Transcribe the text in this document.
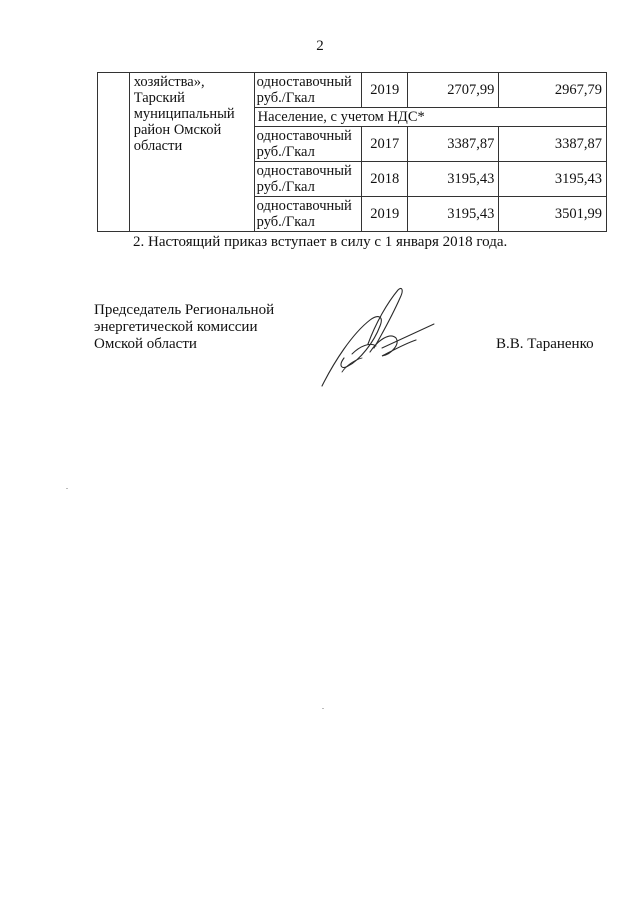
2
	хозяйства», Тарский муниципальный район Омской области	одноставочный руб./Гкал	2019	2707,99	2967,79
		Население, с учетом НДС*			
		одноставочный руб./Гкал	2017	3387,87	3387,87
		одноставочный руб./Гкал	2018	3195,43	3195,43
		одноставочный руб./Гкал	2019	3195,43	3501,99
2. Настоящий приказ вступает в силу с 1 января 2018 года.
Председатель Региональной
энергетической комиссии
Омской области	В.В. Тараненко
